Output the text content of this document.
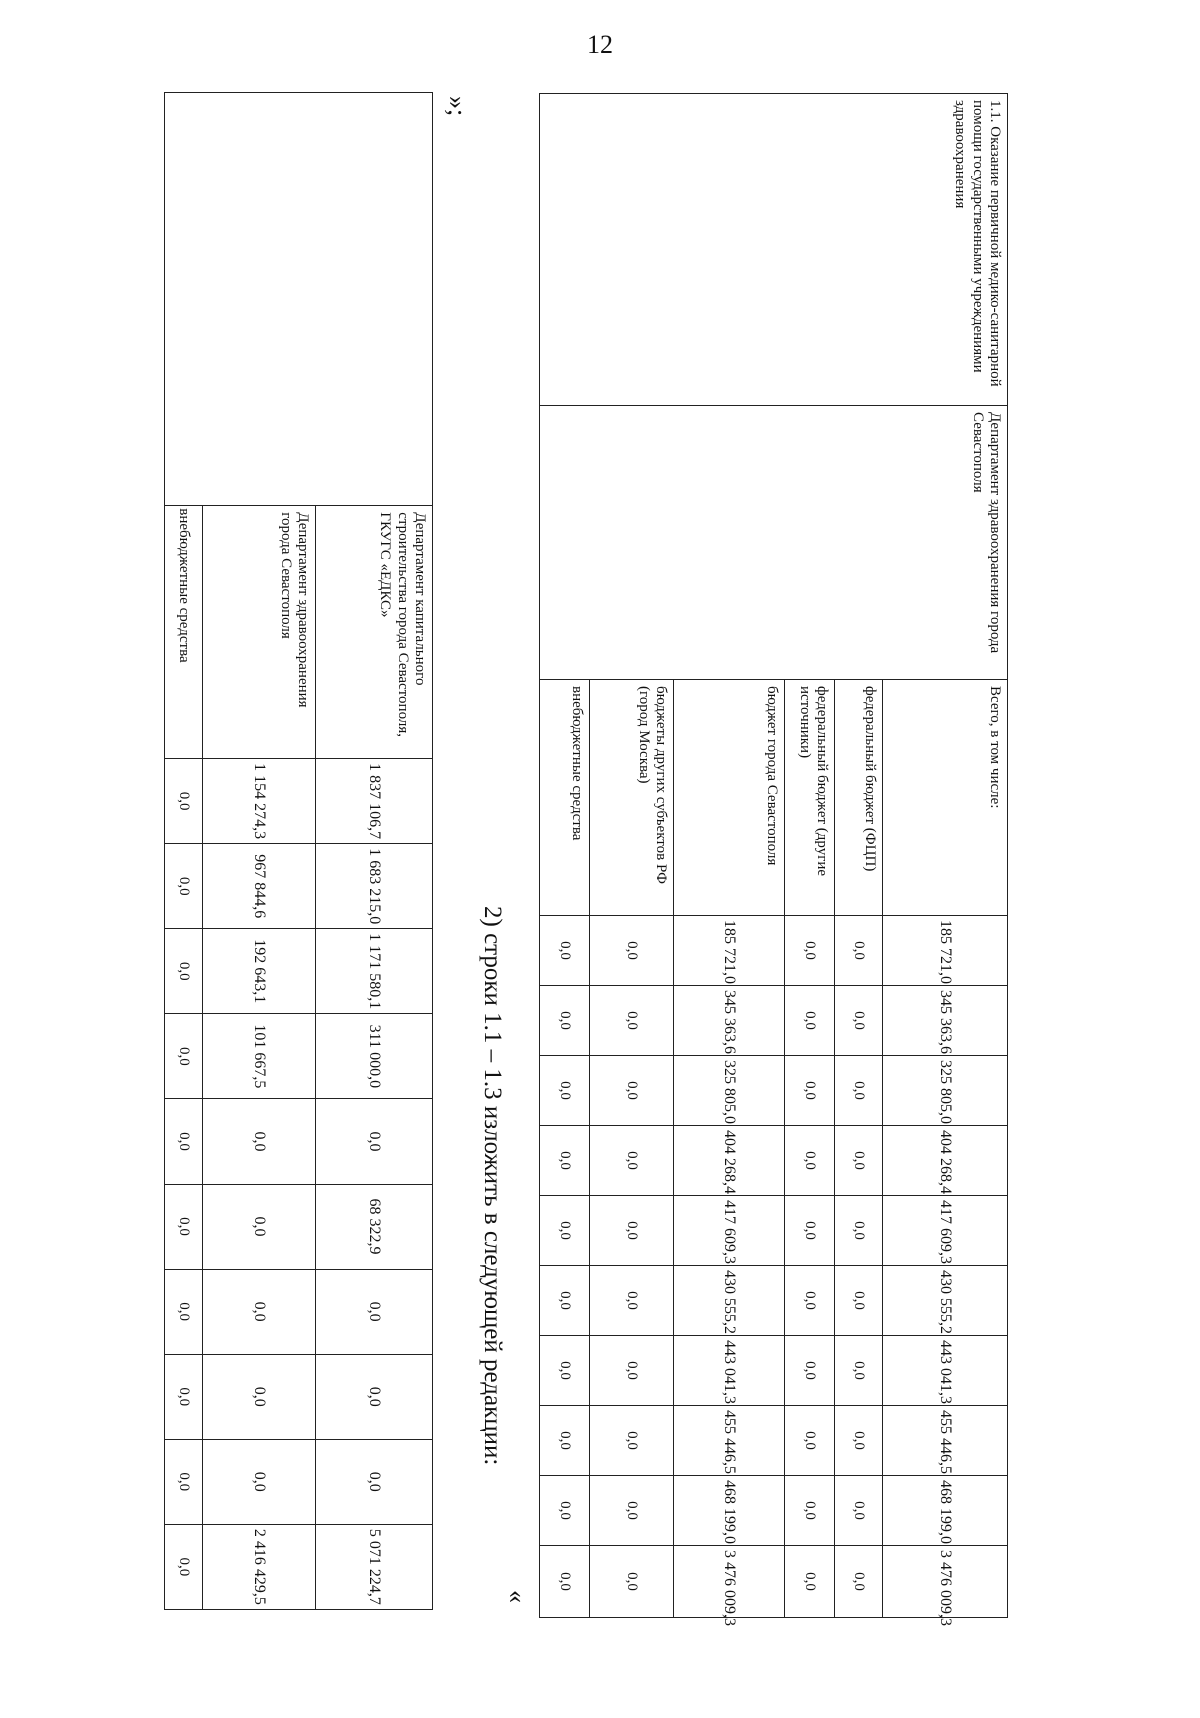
12
	Департамент капитального строительства города Севастополя, ГКУГС «ЕДКС»	1 837 106,7	1 683 215,0	1 171 580,1	311 000,0	0,0	68 322,9	0,0	0,0	0,0	5 071 224,7
	Департамент здравоохранения города Севастополя	1 154 274,3	967 844,6	192 643,1	101 667,5	0,0	0,0	0,0	0,0	0,0	2 416 429,5
	внебюджетные средства	0,0	0,0	0,0	0,0	0,0	0,0	0,0	0,0	0,0	0,0
»;
2) строки 1.1 – 1.3 изложить в следующей редакции:
«
1.1. Оказание первичной медико-санитарной помощи государственными учреждениями здравоохранения	Департамент здравоохранения города Севастополя	Всего, в том числе:	185 721,0	345 363,6	325 805,0	404 268,4	417 609,3	430 555,2	443 041,3	455 446,5	468 199,0	3 476 009,3
		федеральный бюджет (ФЦП)	0,0	0,0	0,0	0,0	0,0	0,0	0,0	0,0	0,0	0,0
		федеральный бюджет (другие источники)	0,0	0,0	0,0	0,0	0,0	0,0	0,0	0,0	0,0	0,0
		бюджет города Севастополя	185 721,0	345 363,6	325 805,0	404 268,4	417 609,3	430 555,2	443 041,3	455 446,5	468 199,0	3 476 009,3
		бюджеты других субъектов РФ (город Москва)	0,0	0,0	0,0	0,0	0,0	0,0	0,0	0,0	0,0	0,0
		внебюджетные средства	0,0	0,0	0,0	0,0	0,0	0,0	0,0	0,0	0,0	0,0
